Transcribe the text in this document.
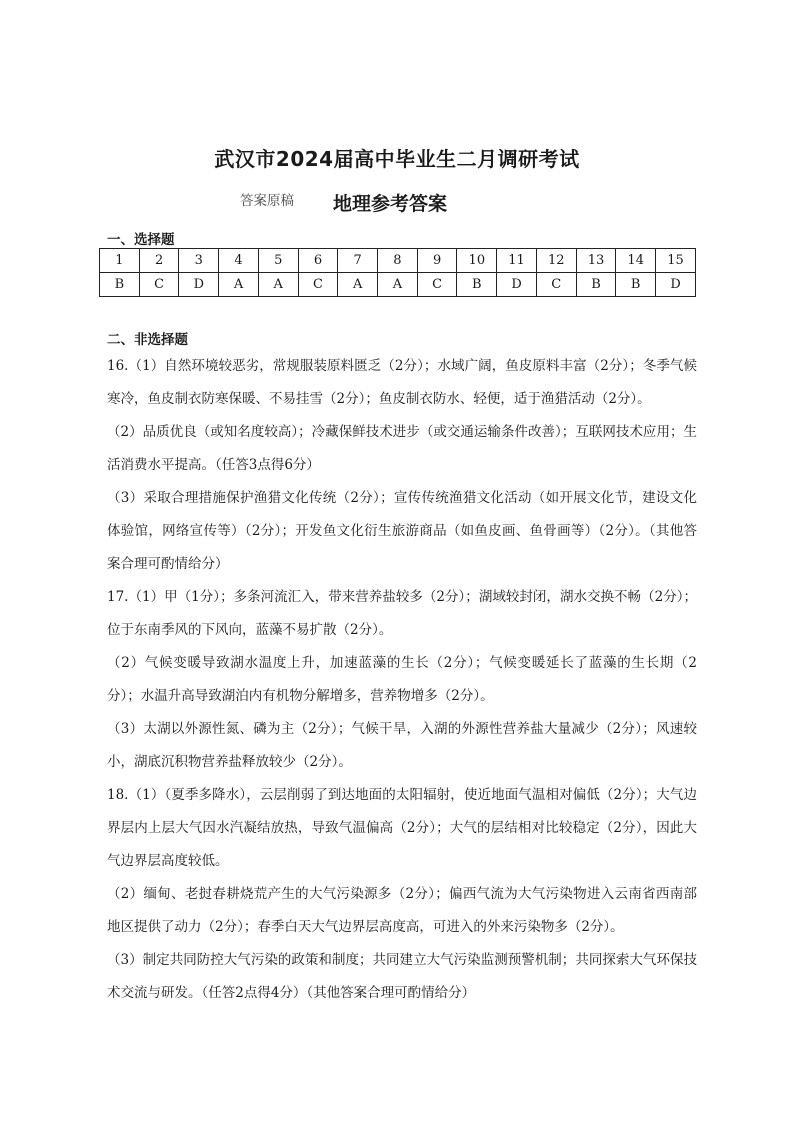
武汉市2024届高中毕业生二月调研考试
答案原稿 地理参考答案
一、选择题
1	2	3	4	5	6	7	8	9	10	11	12	13	14	15
B	C	D	A	A	C	A	A	C	B	D	C	B	B	D
二、非选择题

16.（1）自然环境较恶劣，常规服装原料匮乏（2分）；水域广阔，鱼皮原料丰富（2分）；冬季气候寒冷，鱼皮制衣防寒保暖、不易挂雪（2分）；鱼皮制衣防水、轻便，适于渔猎活动（2分）。

（2）品质优良（或知名度较高）；冷藏保鲜技术进步（或交通运输条件改善）；互联网技术应用；生活消费水平提高。（任答3点得6分）

（3）采取合理措施保护渔猎文化传统（2分）；宣传传统渔猎文化活动（如开展文化节，建设文化体验馆，网络宣传等）（2分）；开发鱼文化衍生旅游商品（如鱼皮画、鱼骨画等）（2分）。（其他答案合理可酌情给分）

17.（1）甲（1分）；多条河流汇入，带来营养盐较多（2分）；湖域较封闭，湖水交换不畅（2分）；位于东南季风的下风向，蓝藻不易扩散（2分）。

（2）气候变暖导致湖水温度上升，加速蓝藻的生长（2分）；气候变暖延长了蓝藻的生长期（2分）；水温升高导致湖泊内有机物分解增多，营养物增多（2分）。

（3）太湖以外源性氮、磷为主（2分）；气候干旱，入湖的外源性营养盐大量减少（2分）；风速较小，湖底沉积物营养盐释放较少（2分）。

18.（1）（夏季多降水），云层削弱了到达地面的太阳辐射，使近地面气温相对偏低（2分）；大气边界层内上层大气因水汽凝结放热，导致气温偏高（2分）；大气的层结相对比较稳定（2分），因此大气边界层高度较低。

（2）缅甸、老挝春耕烧荒产生的大气污染源多（2分）；偏西气流为大气污染物进入云南省西南部地区提供了动力（2分）；春季白天大气边界层高度高，可进入的外来污染物多（2分）。

（3）制定共同防控大气污染的政策和制度；共同建立大气污染监测预警机制；共同探索大气环保技术交流与研发。（任答2点得4分）（其他答案合理可酌情给分）
